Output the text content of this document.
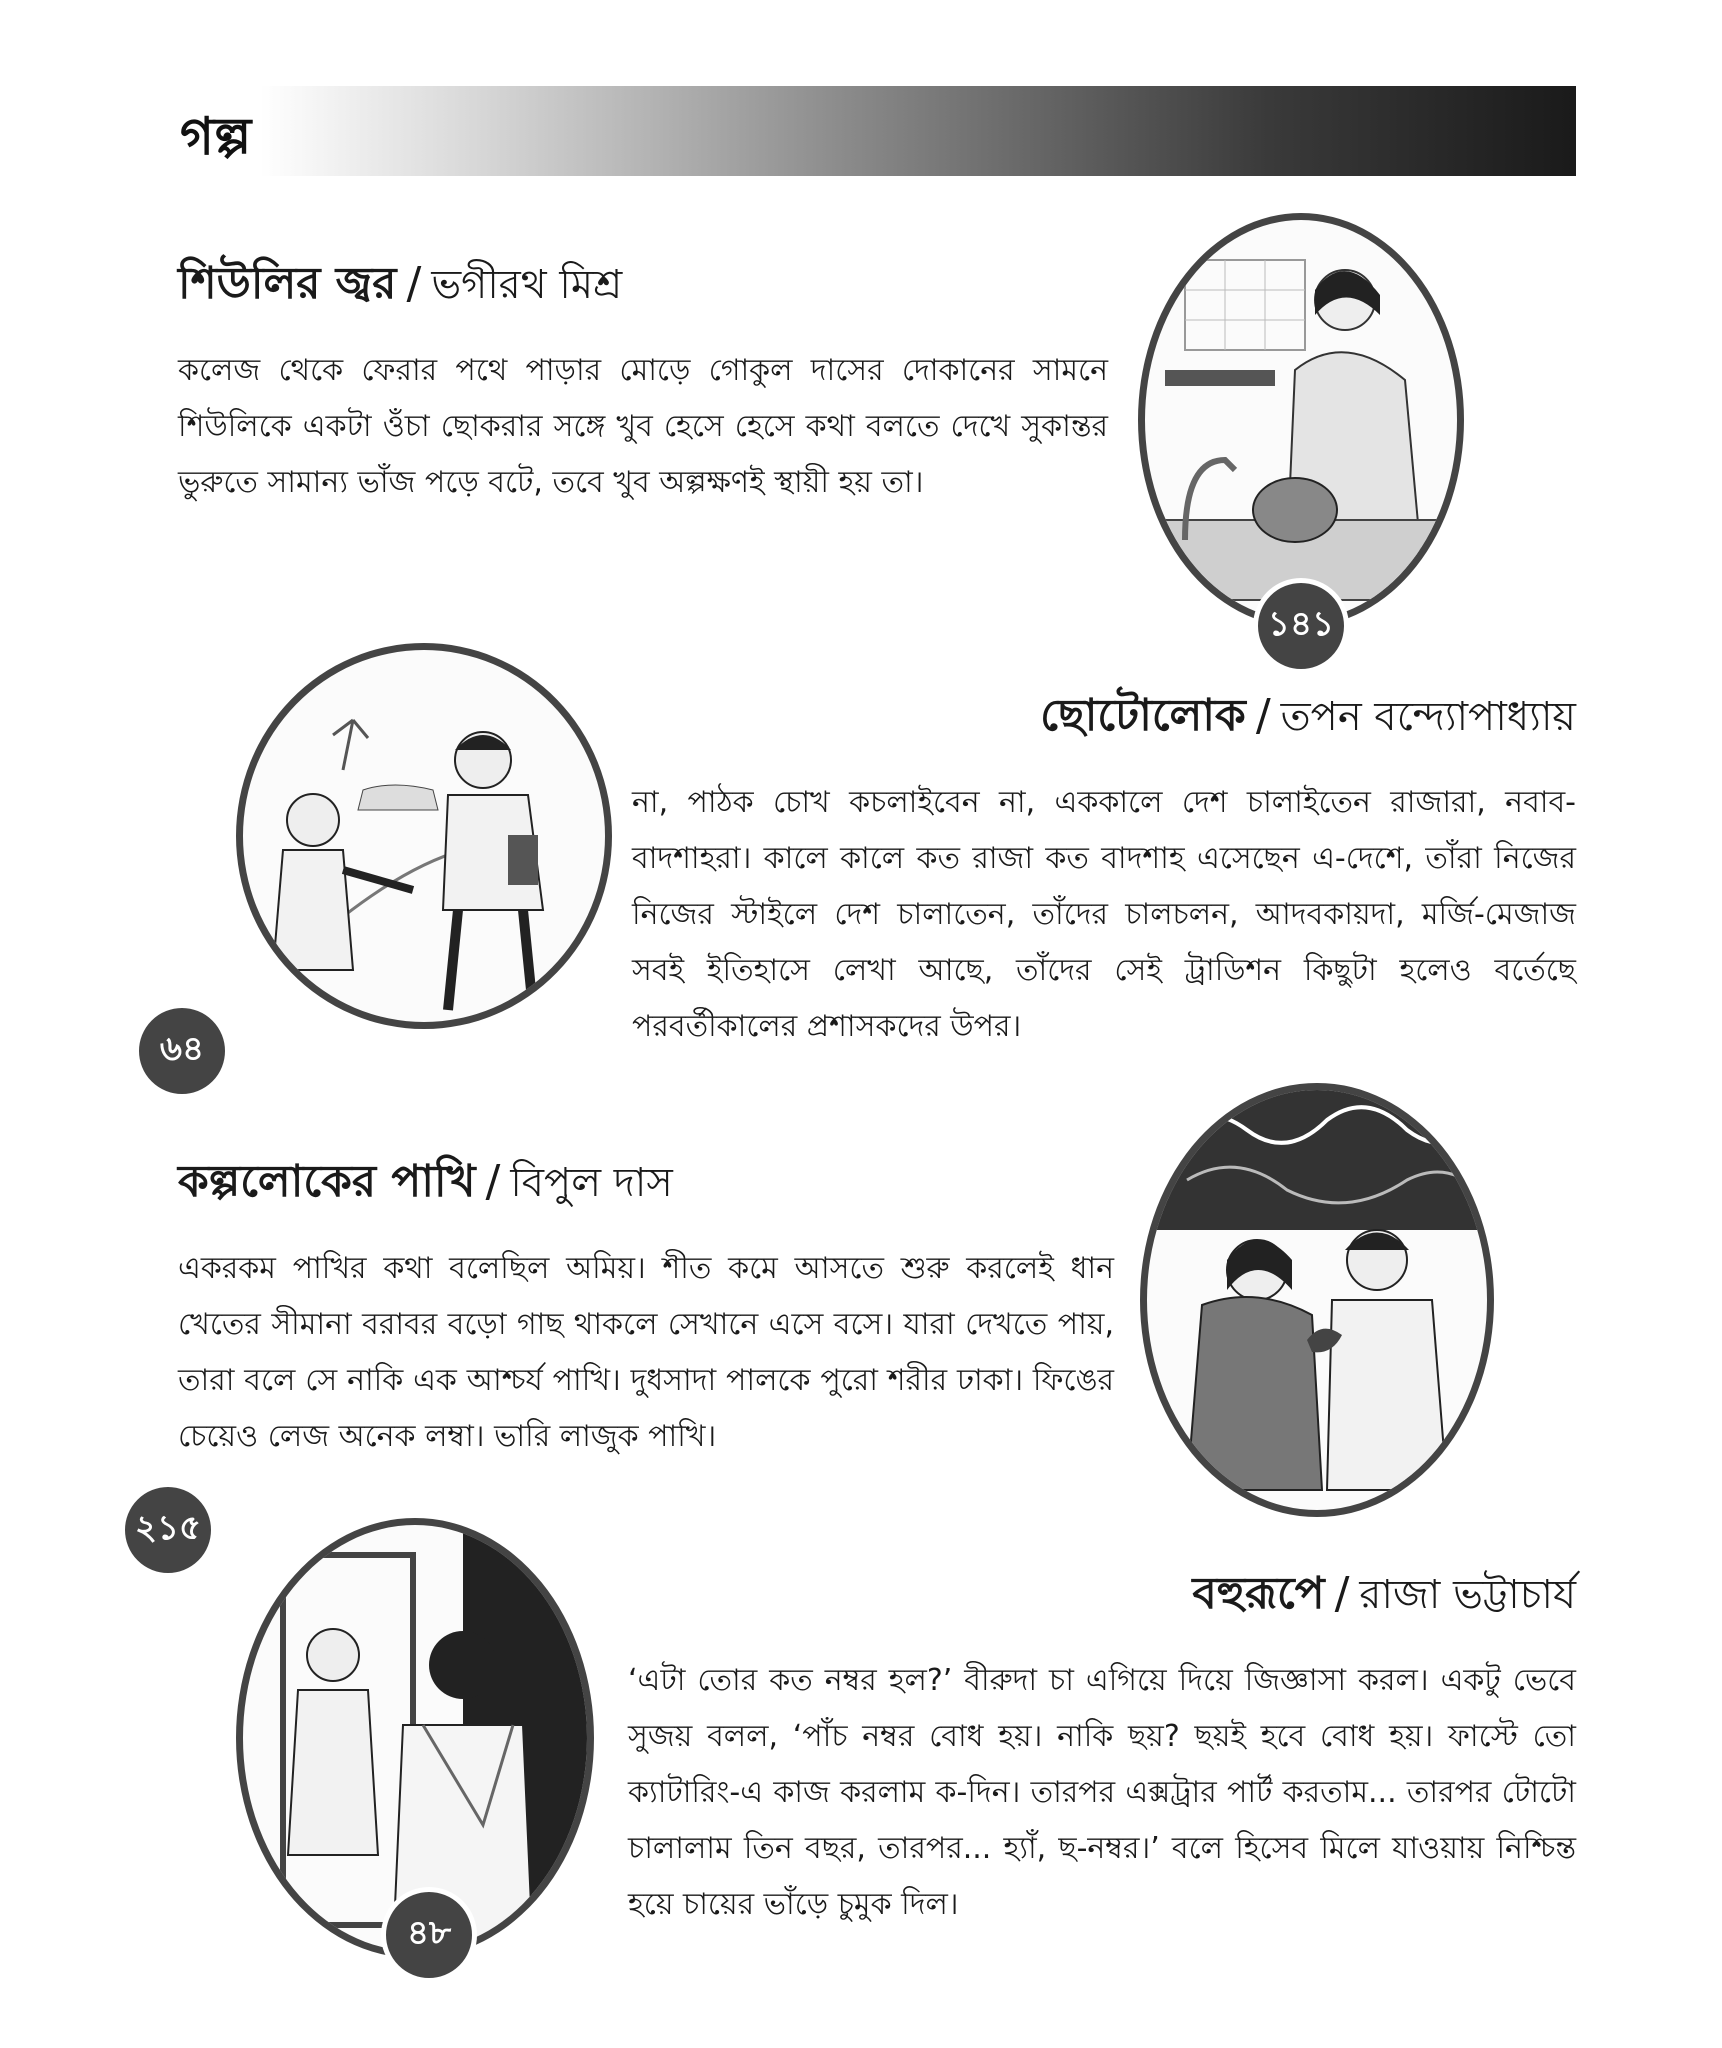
গল্প
শিউলির জ্বর / ভগীরথ মিশ্র
কলেজ থেকে ফেরার পথে পাড়ার মোড়ে গোকুল দাসের দোকানের সামনে শিউলিকে একটা ওঁচা ছোকরার সঙ্গে খুব হেসে হেসে কথা বলতে দেখে সুকান্তর ভুরুতে সামান্য ভাঁজ পড়ে বটে, তবে খুব অল্পক্ষণই স্থায়ী হয় তা।
১৪১
৬৪
ছোটোলোক / তপন বন্দ্যোপাধ্যায়
না, পাঠক চোখ কচলাইবেন না, এককালে দেশ চালাইতেন রাজারা, নবাব-বাদশাহরা। কালে কালে কত রাজা কত বাদশাহ এসেছেন এ-দেশে, তাঁরা নিজের নিজের স্টাইলে দেশ চালাতেন, তাঁদের চালচলন, আদবকায়দা, মর্জি-মেজাজ সবই ইতিহাসে লেখা আছে, তাঁদের সেই ট্রাডিশন কিছুটা হলেও বর্তেছে পরবর্তীকালের প্রশাসকদের উপর।
কল্পলোকের পাখি / বিপুল দাস
একরকম পাখির কথা বলেছিল অমিয়। শীত কমে আসতে শুরু করলেই ধান খেতের সীমানা বরাবর বড়ো গাছ থাকলে সেখানে এসে বসে। যারা দেখতে পায়, তারা বলে সে নাকি এক আশ্চর্য পাখি। দুধসাদা পালকে পুরো শরীর ঢাকা। ফিঙের চেয়েও লেজ অনেক লম্বা। ভারি লাজুক পাখি।
২১৫
৪৮
বহুরূপে / রাজা ভট্টাচার্য
‘এটা তোর কত নম্বর হল?’ বীরুদা চা এগিয়ে দিয়ে জিজ্ঞাসা করল। একটু ভেবে সুজয় বলল, ‘পাঁচ নম্বর বোধ হয়। নাকি ছয়? ছয়ই হবে বোধ হয়। ফাস্টে তো ক্যাটারিং-এ কাজ করলাম ক-দিন। তারপর এক্সট্রার পার্ট করতাম... তারপর টোটো চালালাম তিন বছর, তারপর... হ্যাঁ, ছ-নম্বর।’ বলে হিসেব মিলে যাওয়ায় নিশ্চিন্ত হয়ে চায়ের ভাঁড়ে চুমুক দিল।
